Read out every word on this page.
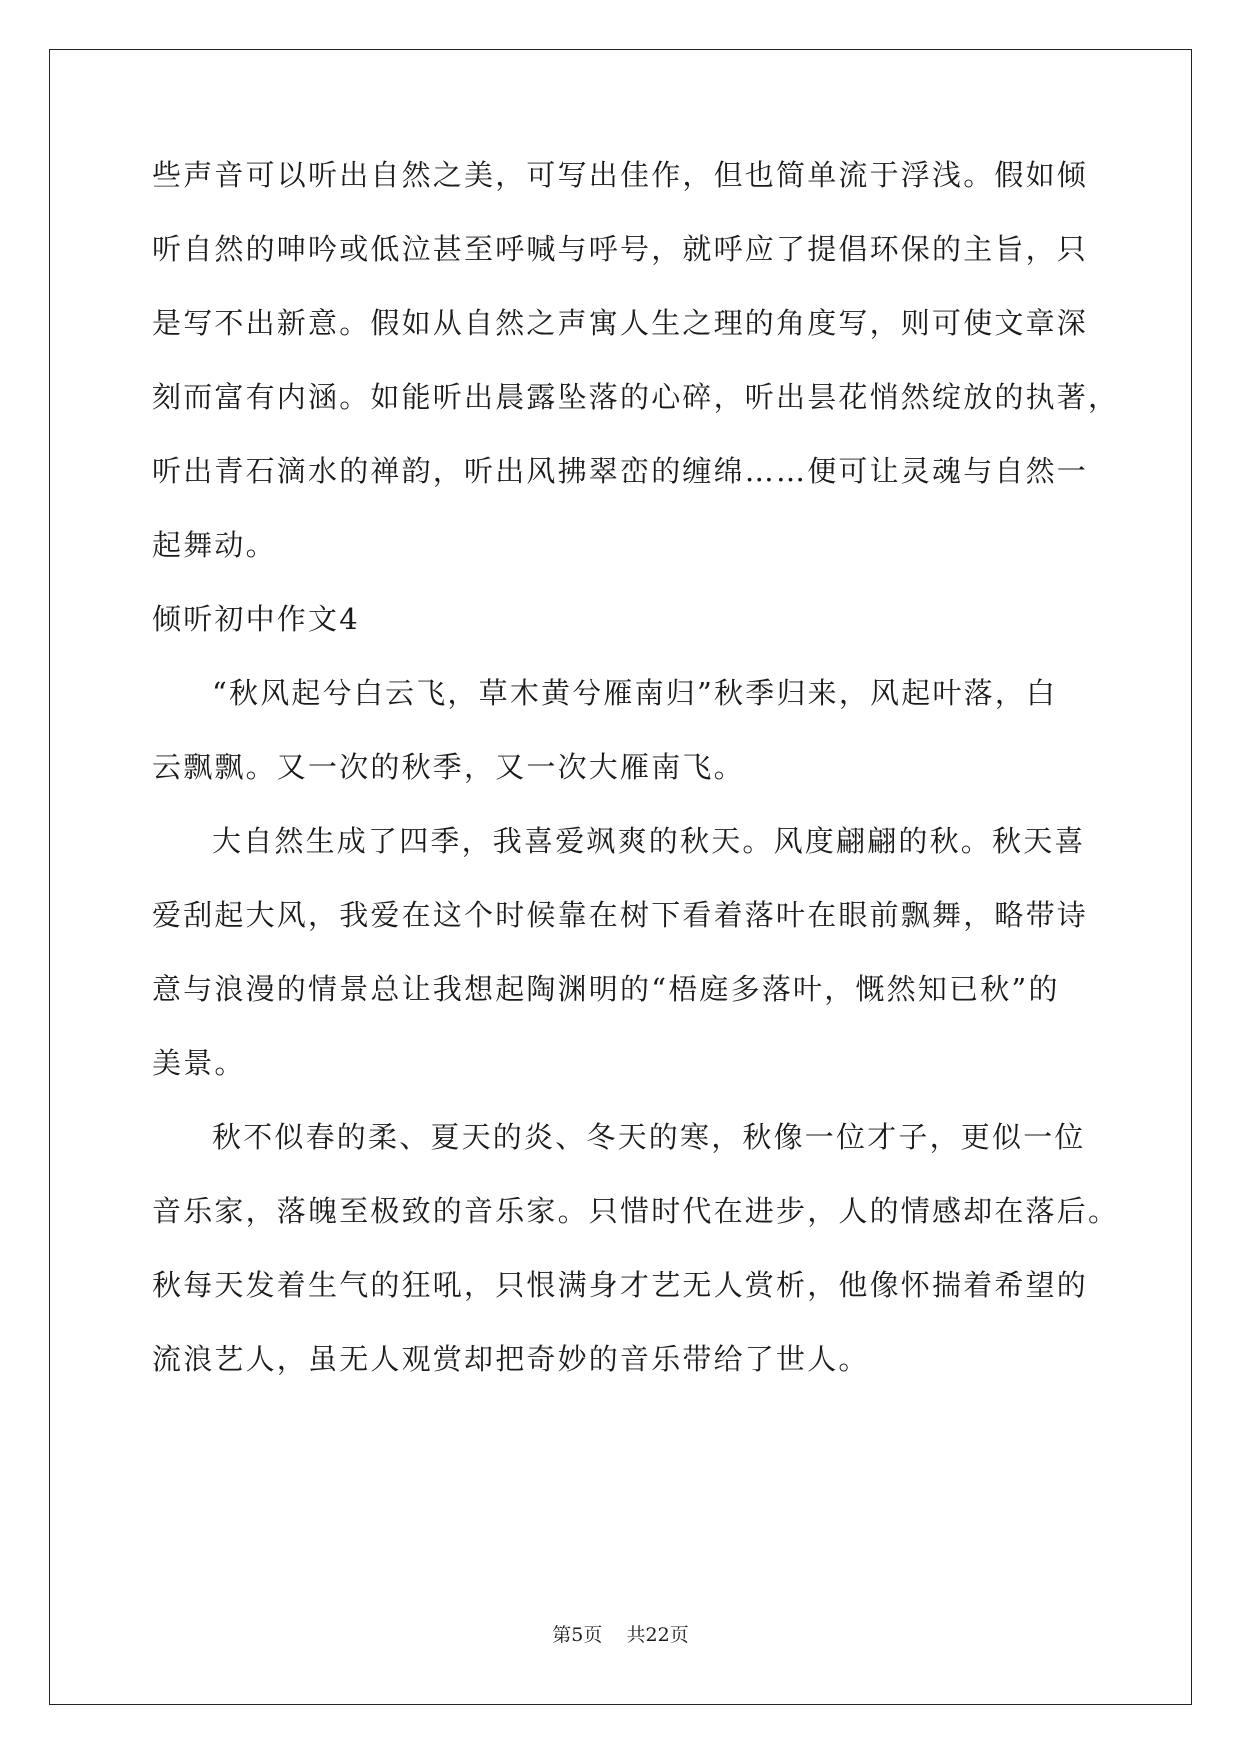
些声音可以听出自然之美，可写出佳作，但也简单流于浮浅。假如倾
听自然的呻吟或低泣甚至呼喊与呼号，就呼应了提倡环保的主旨，只
是写不出新意。假如从自然之声寓人生之理的角度写，则可使文章深
刻而富有内涵。如能听出晨露坠落的心碎，听出昙花悄然绽放的执著，
听出青石滴水的禅韵，听出风拂翠峦的缠绵……便可让灵魂与自然一
起舞动。
倾听初中作文4
“秋风起兮白云飞，草木黄兮雁南归”秋季归来，风起叶落，白
云飘飘。又一次的秋季，又一次大雁南飞。
大自然生成了四季，我喜爱飒爽的秋天。风度翩翩的秋。秋天喜
爱刮起大风，我爱在这个时候靠在树下看着落叶在眼前飘舞，略带诗
意与浪漫的情景总让我想起陶渊明的“梧庭多落叶，慨然知已秋”的
美景。
秋不似春的柔、夏天的炎、冬天的寒，秋像一位才子，更似一位
音乐家，落魄至极致的音乐家。只惜时代在进步，人的情感却在落后。
秋每天发着生气的狂吼，只恨满身才艺无人赏析，他像怀揣着希望的
流浪艺人，虽无人观赏却把奇妙的音乐带给了世人。
第5页    共22页
